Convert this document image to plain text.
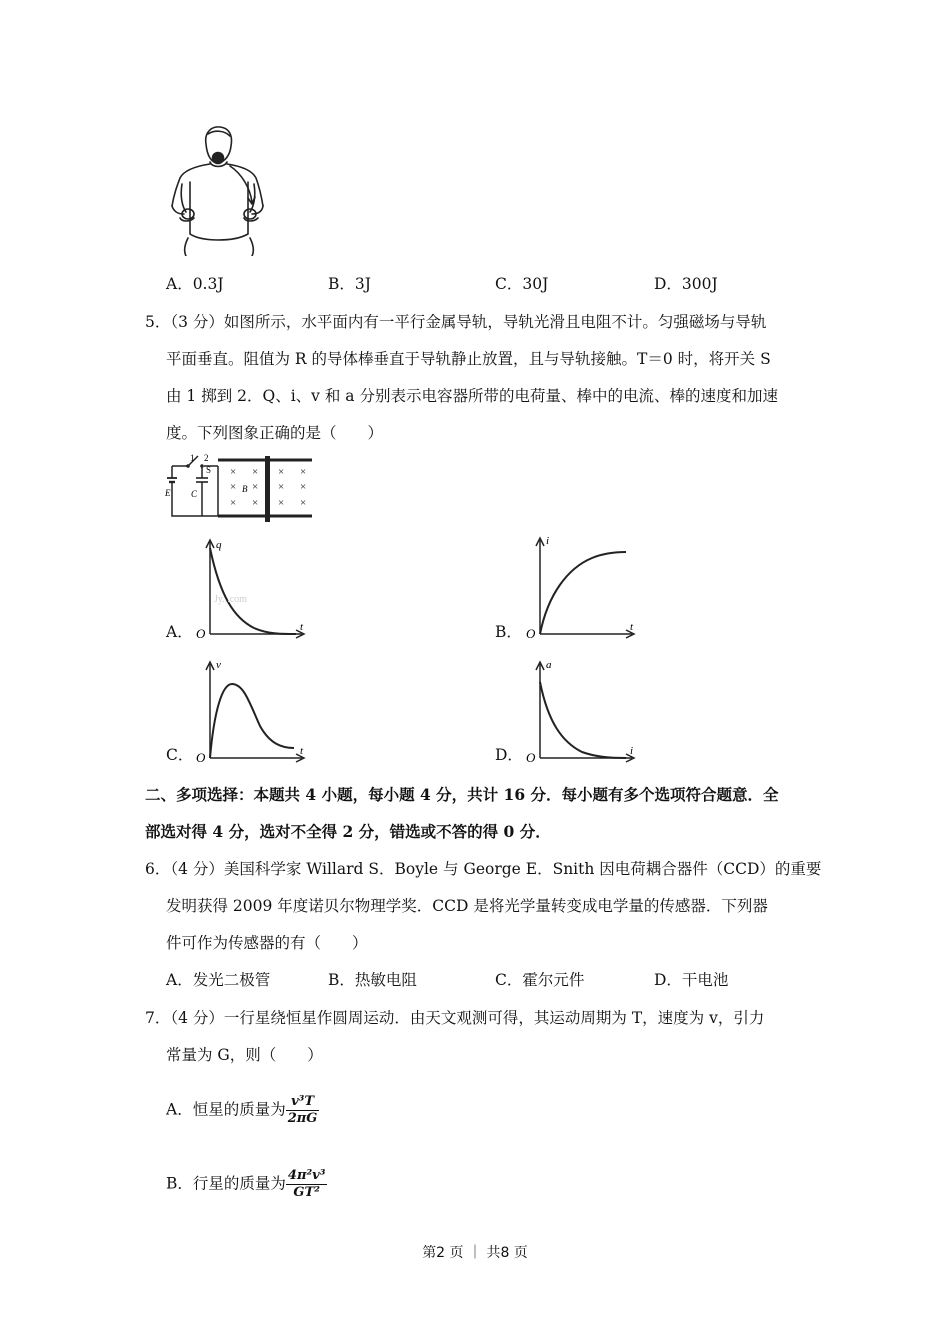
A．0.3J	B．3J	C．30J	D．300J
5．（3 分）如图所示，水平面内有一平行金属导轨，导轨光滑且电阻不计。匀强磁场与导轨
平面垂直。阻值为 R 的导体棒垂直于导轨静止放置，且与导轨接触。T＝0 时，将开关 S
由 1 掷到 2．Q、i、v 和 a 分别表示电容器所带的电荷量、棒中的电流、棒的速度和加速
度。下列图象正确的是（　　）
1 2
S
E C	B
× × × ×
× × × ×
× × × ×
A．
q
O	t
Jy...com
B．
i
O	t
C．
v
O	t	D．
a
O	i
二、多项选择：本题共 4 小题，每小题 4 分，共计 16 分．每小题有多个选项符合题意．全
部选对得 4 分，选对不全得 2 分，错选或不答的得 0 分．
6．（4 分）美国科学家 Willard S．Boyle 与 George E．Snith 因电荷耦合器件（CCD）的重要
发明获得 2009 年度诺贝尔物理学奖．CCD 是将光学量转变成电学量的传感器．下列器
件可作为传感器的有（　　）
A．发光二极管	B．热敏电阻	C．霍尔元件	D．干电池
7．（4 分）一行星绕恒星作圆周运动．由天文观测可得，其运动周期为 T，速度为 v，引力
常量为 G，则（　　）
A．恒星的质量为 $\frac{\text{v³T}}{2\pi G}$
B．行星的质量为 $\frac{\text{4π²v³}}{\text{GT²}}$
第2 页 ｜ 共8 页
